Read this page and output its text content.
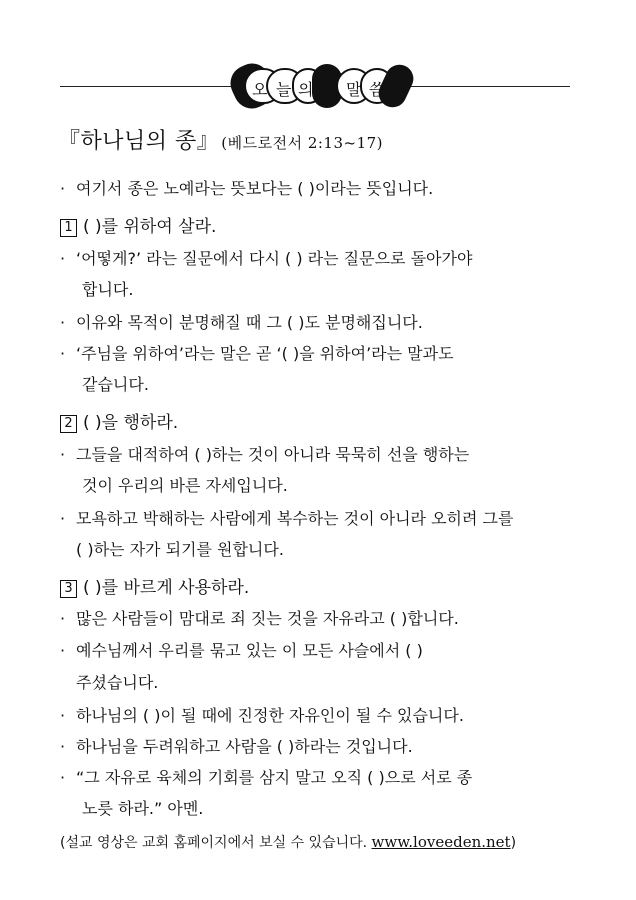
오 늘 의 말 씀
『하나님의 종』 (베드로전서 2:13~17)
· 여기서 종은 노예라는 뜻보다는 ( )이라는 뜻입니다.
1 ( )를 위하여 살라.
· ‘어떻게?’ 라는 질문에서 다시 ( ) 라는 질문으로 돌아가야
합니다.
· 이유와 목적이 분명해질 때 그 ( )도 분명해집니다.
· ‘주님을 위하여’라는 말은 곧 ‘( )을 위하여’라는 말과도
같습니다.
2 ( )을 행하라.
· 그들을 대적하여 ( )하는 것이 아니라 묵묵히 선을 행하는
것이 우리의 바른 자세입니다.
· 모욕하고 박해하는 사람에게 복수하는 것이 아니라 오히려 그를
( )하는 자가 되기를 원합니다.
3 ( )를 바르게 사용하라.
· 많은 사람들이 맘대로 죄 짓는 것을 자유라고 ( )합니다.
· 예수님께서 우리를 묶고 있는 이 모든 사슬에서 ( )
주셨습니다.
· 하나님의 ( )이 될 때에 진정한 자유인이 될 수 있습니다.
· 하나님을 두려워하고 사람을 ( )하라는 것입니다.
· “그 자유로 육체의 기회를 삼지 말고 오직 ( )으로 서로 종
노릇 하라.” 아멘.
(설교 영상은 교회 홈페이지에서 보실 수 있습니다. www.loveeden.net)
